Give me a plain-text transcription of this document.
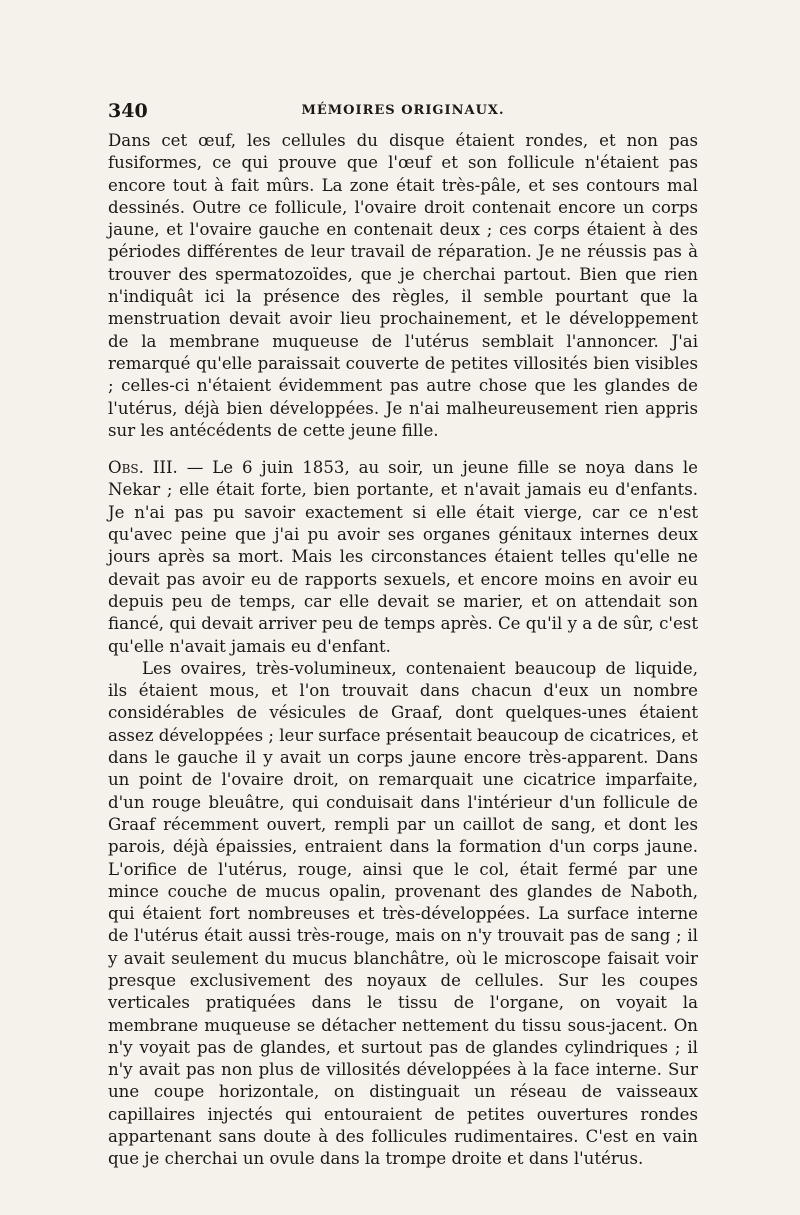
340	MÉMOIRES ORIGINAUX.

Dans cet œuf, les cellules du disque étaient rondes, et non pas fusiformes, ce qui prouve que l'œuf et son follicule n'étaient pas encore tout à fait mûrs. La zone était très-pâle, et ses contours mal dessinés. Outre ce follicule, l'ovaire droit contenait encore un corps jaune, et l'ovaire gauche en contenait deux ; ces corps étaient à des périodes différentes de leur travail de réparation. Je ne réussis pas à trouver des spermatozoïdes, que je cherchai partout. Bien que rien n'indiquât ici la présence des règles, il semble pourtant que la menstruation devait avoir lieu prochainement, et le développement de la membrane muqueuse de l'utérus semblait l'annoncer. J'ai remarqué qu'elle paraissait couverte de petites villosités bien visibles ; celles-ci n'étaient évidemment pas autre chose que les glandes de l'utérus, déjà bien développées. Je n'ai malheureusement rien appris sur les antécédents de cette jeune fille.

Obs. III. — Le 6 juin 1853, au soir, un jeune fille se noya dans le Nekar ; elle était forte, bien portante, et n'avait jamais eu d'enfants. Je n'ai pas pu savoir exactement si elle était vierge, car ce n'est qu'avec peine que j'ai pu avoir ses organes génitaux internes deux jours après sa mort. Mais les circonstances étaient telles qu'elle ne devait pas avoir eu de rapports sexuels, et encore moins en avoir eu depuis peu de temps, car elle devait se marier, et on attendait son fiancé, qui devait arriver peu de temps après. Ce qu'il y a de sûr, c'est qu'elle n'avait jamais eu d'enfant.

Les ovaires, très-volumineux, contenaient beaucoup de liquide, ils étaient mous, et l'on trouvait dans chacun d'eux un nombre considérables de vésicules de Graaf, dont quelques-unes étaient assez développées ; leur surface présentait beaucoup de cicatrices, et dans le gauche il y avait un corps jaune encore très-apparent. Dans un point de l'ovaire droit, on remarquait une cicatrice imparfaite, d'un rouge bleuâtre, qui conduisait dans l'intérieur d'un follicule de Graaf récemment ouvert, rempli par un caillot de sang, et dont les parois, déjà épaissies, entraient dans la formation d'un corps jaune. L'orifice de l'utérus, rouge, ainsi que le col, était fermé par une mince couche de mucus opalin, provenant des glandes de Naboth, qui étaient fort nombreuses et très-développées. La surface interne de l'utérus était aussi très-rouge, mais on n'y trouvait pas de sang ; il y avait seulement du mucus blanchâtre, où le microscope faisait voir presque exclusivement des noyaux de cellules. Sur les coupes verticales pratiquées dans le tissu de l'organe, on voyait la membrane muqueuse se détacher nettement du tissu sous-jacent. On n'y voyait pas de glandes, et surtout pas de glandes cylindriques ; il n'y avait pas non plus de villosités développées à la face interne. Sur une coupe horizontale, on distinguait un réseau de vaisseaux capillaires injectés qui entouraient de petites ouvertures rondes appartenant sans doute à des follicules rudimentaires. C'est en vain que je cherchai un ovule dans la trompe droite et dans l'utérus.
